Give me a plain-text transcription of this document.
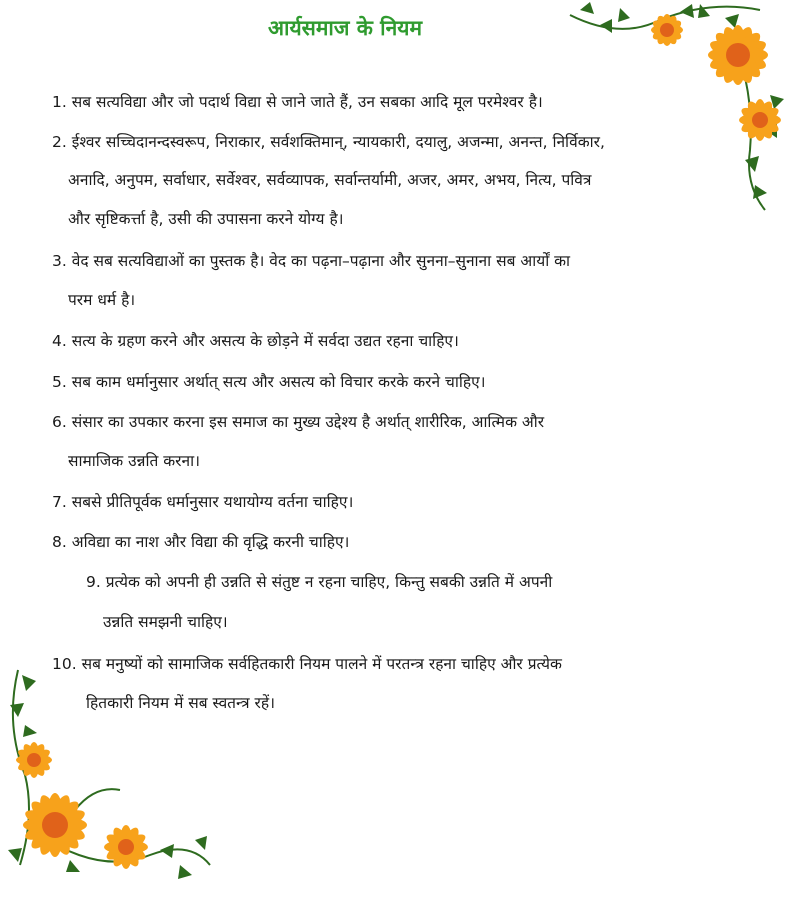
आर्यसमाज के नियम

1. सब सत्यविद्या और जो पदार्थ विद्या से जाने जाते हैं, उन सबका आदि मूल परमेश्वर है।

2. ईश्वर सच्चिदानन्दस्वरूप, निराकार, सर्वशक्तिमान्, न्यायकारी, दयालु, अजन्मा, अनन्त, निर्विकार,

अनादि, अनुपम, सर्वाधार, सर्वेश्वर, सर्वव्यापक, सर्वान्तर्यामी, अजर, अमर, अभय, नित्य, पवित्र

और सृष्टिकर्त्ता है, उसी की उपासना करने योग्य है।

3. वेद सब सत्यविद्याओं का पुस्तक है। वेद का पढ़ना–पढ़ाना और सुनना–सुनाना सब आर्यों का

परम धर्म है।

4. सत्य के ग्रहण करने और असत्य के छोड़ने में सर्वदा उद्यत रहना चाहिए।

5. सब काम धर्मानुसार अर्थात् सत्य और असत्य को विचार करके करने चाहिए।

6. संसार का उपकार करना इस समाज का मुख्य उद्देश्य है अर्थात् शारीरिक, आत्मिक और

सामाजिक उन्नति करना।

7. सबसे प्रीतिपूर्वक धर्मानुसार यथायोग्य वर्तना चाहिए।

8. अविद्या का नाश और विद्या की वृद्धि करनी चाहिए।

9. प्रत्येक को अपनी ही उन्नति से संतुष्ट न रहना चाहिए, किन्तु सबकी उन्नति में अपनी

उन्नति समझनी चाहिए।

10. सब मनुष्यों को सामाजिक सर्वहितकारी नियम पालने में परतन्त्र रहना चाहिए और प्रत्येक

हितकारी नियम में सब स्वतन्त्र रहें।
